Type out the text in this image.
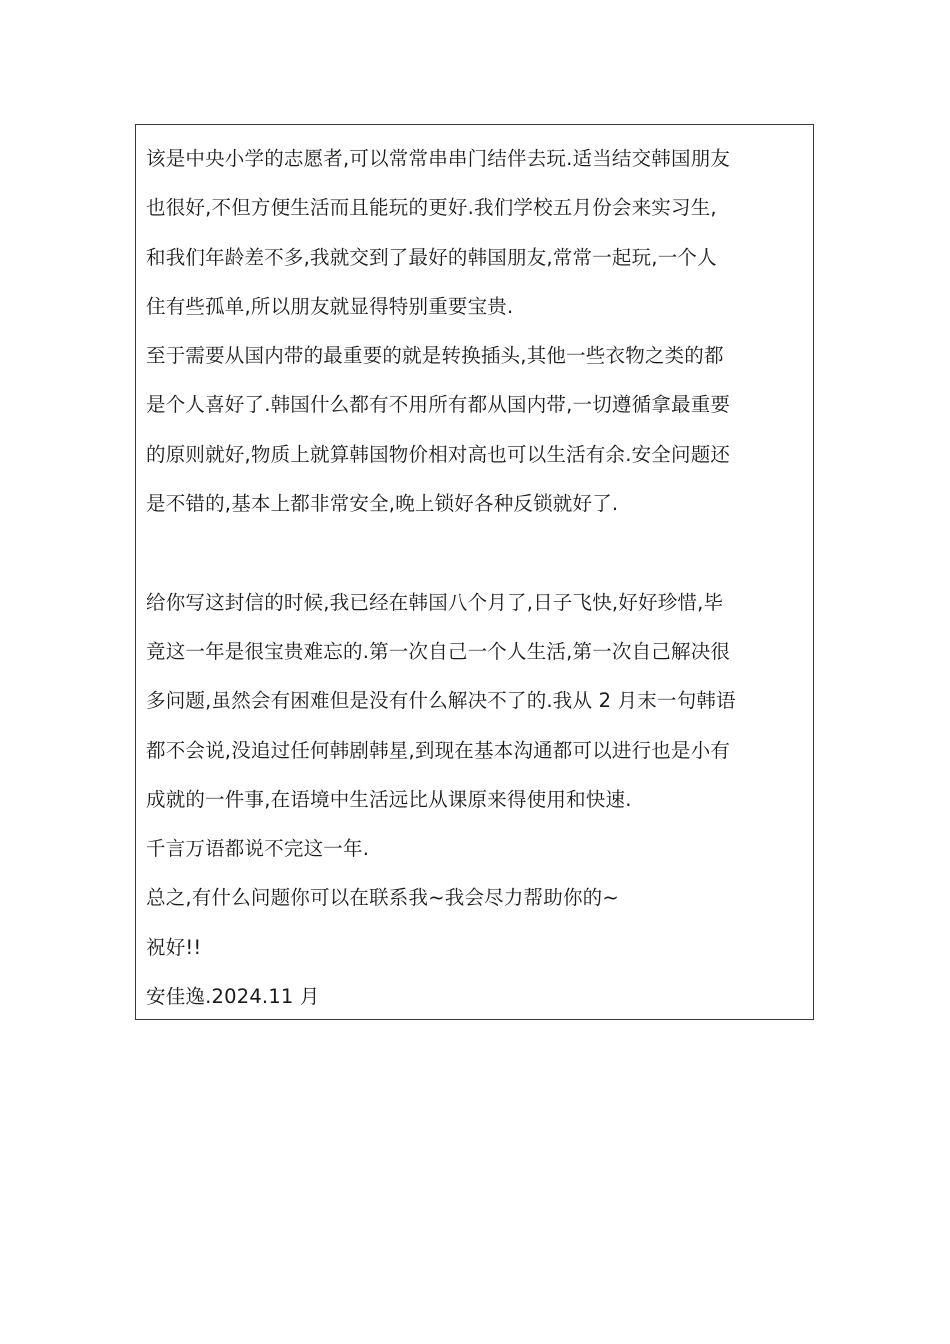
该是中央小学的志愿者,可以常常串串门结伴去玩.适当结交韩国朋友
也很好,不但方便生活而且能玩的更好.我们学校五月份会来实习生,
和我们年龄差不多,我就交到了最好的韩国朋友,常常一起玩,一个人
住有些孤单,所以朋友就显得特别重要宝贵.
至于需要从国内带的最重要的就是转换插头,其他一些衣物之类的都
是个人喜好了.韩国什么都有不用所有都从国内带,一切遵循拿最重要
的原则就好,物质上就算韩国物价相对高也可以生活有余.安全问题还
是不错的,基本上都非常安全,晚上锁好各种反锁就好了.
给你写这封信的时候,我已经在韩国八个月了,日子飞快,好好珍惜,毕
竟这一年是很宝贵难忘的.第一次自己一个人生活,第一次自己解决很
多问题,虽然会有困难但是没有什么解决不了的.我从 2 月末一句韩语
都不会说,没追过任何韩剧韩星,到现在基本沟通都可以进行也是小有
成就的一件事,在语境中生活远比从课原来得使用和快速.
千言万语都说不完这一年.
总之,有什么问题你可以在联系我~我会尽力帮助你的~
祝好!!
安佳逸.2024.11 月
